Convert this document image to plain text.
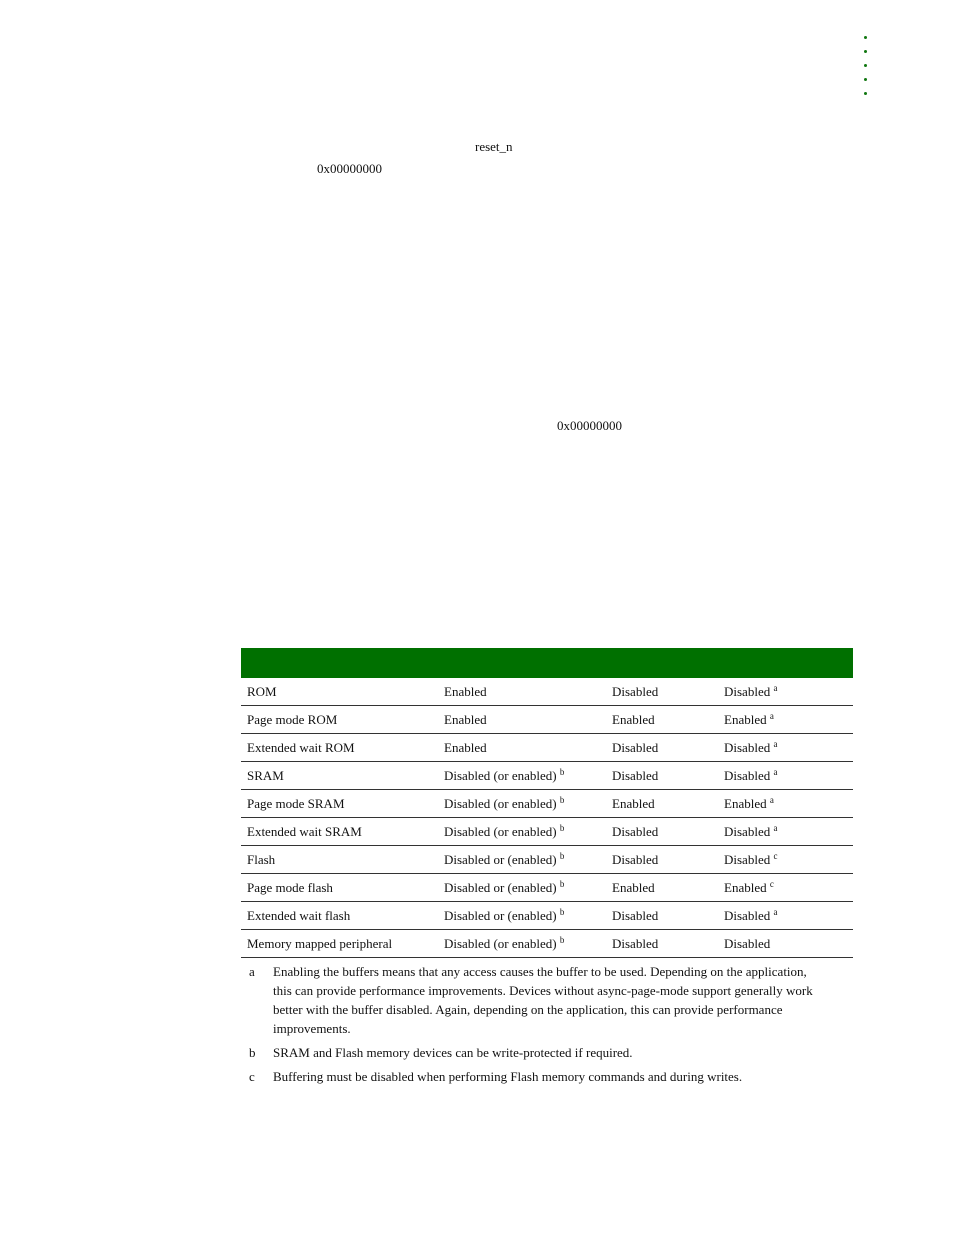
reset_n
0x00000000
0x00000000

ROM	Enabled	Disabled	Disabled $^a$
Page mode ROM	Enabled	Enabled	Enabled $^a$
Extended wait ROM	Enabled	Disabled	Disabled $^a$
SRAM	Disabled (or enabled) $^b$	Disabled	Disabled $^a$
Page mode SRAM	Disabled (or enabled) $^b$	Enabled	Enabled $^a$
Extended wait SRAM	Disabled (or enabled) $^b$	Disabled	Disabled $^a$
Flash	Disabled or (enabled) $^b$	Disabled	Disabled $^c$
Page mode flash	Disabled or (enabled) $^b$	Enabled	Enabled $^c$
Extended wait flash	Disabled or (enabled) $^b$	Disabled	Disabled $^a$
Memory mapped peripheral	Disabled (or enabled) $^b$	Disabled	Disabled
a	Enabling the buffers means that any access causes the buffer to be used. Depending on the application, this can provide performance improvements. Devices without async-page-mode support generally work better with the buffer disabled. Again, depending on the application, this can provide performance improvements.
b	SRAM and Flash memory devices can be write-protected if required.
c	Buffering must be disabled when performing Flash memory commands and during writes.
